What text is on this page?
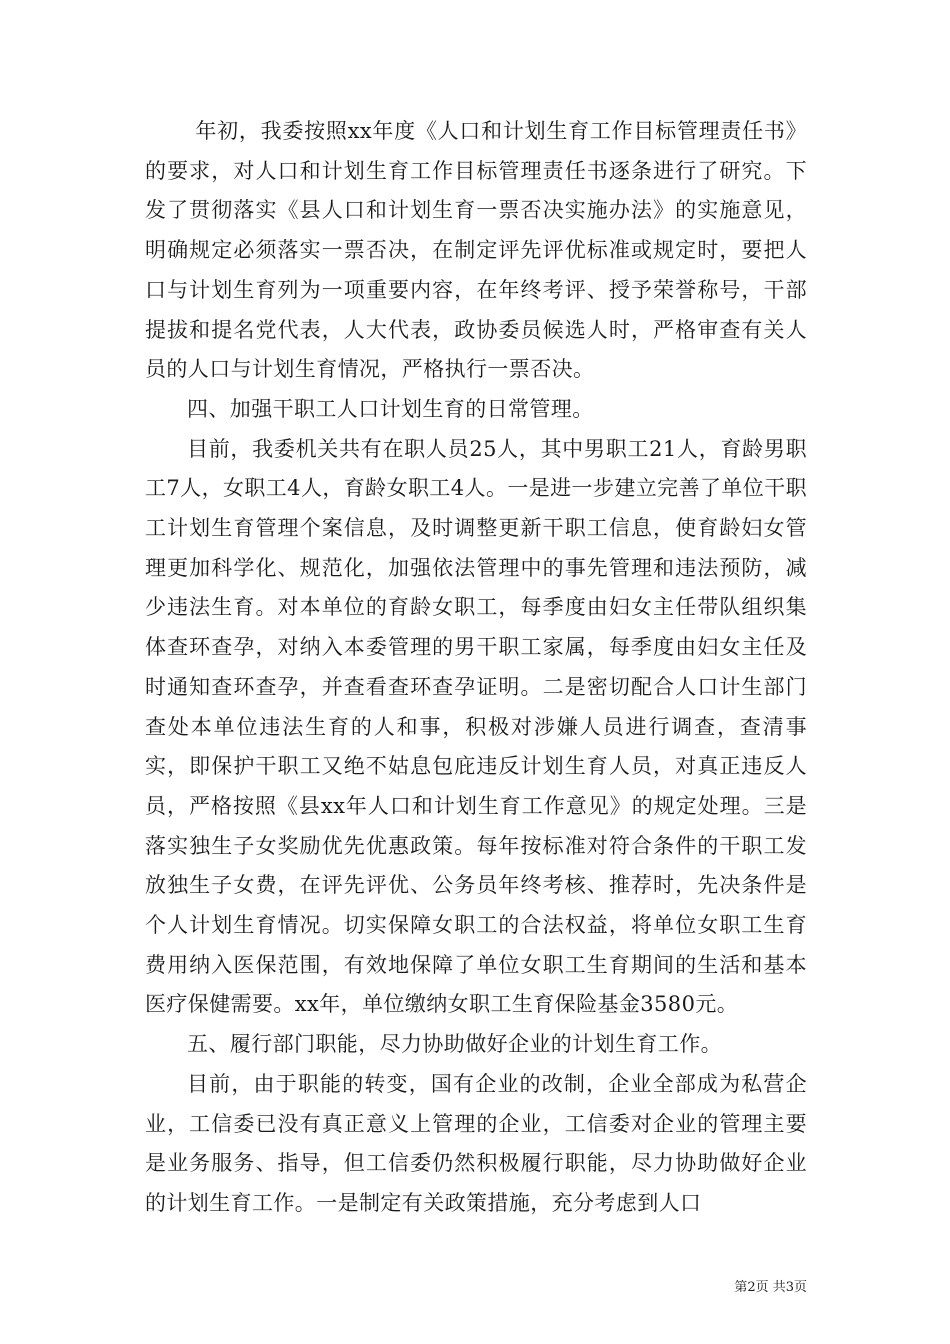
年初，我委按照xx年度《人口和计划生育工作目标管理责任书》的要求，对人口和计划生育工作目标管理责任书逐条进行了研究。下发了贯彻落实《县人口和计划生育一票否决实施办法》的实施意见，明确规定必须落实一票否决，在制定评先评优标准或规定时，要把人口与计划生育列为一项重要内容，在年终考评、授予荣誉称号，干部提拔和提名党代表，人大代表，政协委员候选人时，严格审查有关人员的人口与计划生育情况，严格执行一票否决。

四、加强干职工人口计划生育的日常管理。

目前，我委机关共有在职人员25人，其中男职工21人，育龄男职工7人，女职工4人，育龄女职工4人。一是进一步建立完善了单位干职工计划生育管理个案信息，及时调整更新干职工信息，使育龄妇女管理更加科学化、规范化，加强依法管理中的事先管理和违法预防，减少违法生育。对本单位的育龄女职工，每季度由妇女主任带队组织集体查环查孕，对纳入本委管理的男干职工家属，每季度由妇女主任及时通知查环查孕，并查看查环查孕证明。二是密切配合人口计生部门查处本单位违法生育的人和事，积极对涉嫌人员进行调查，查清事实，即保护干职工又绝不姑息包庇违反计划生育人员，对真正违反人员，严格按照《县xx年人口和计划生育工作意见》的规定处理。三是落实独生子女奖励优先优惠政策。每年按标准对符合条件的干职工发放独生子女费，在评先评优、公务员年终考核、推荐时，先决条件是个人计划生育情况。切实保障女职工的合法权益，将单位女职工生育费用纳入医保范围，有效地保障了单位女职工生育期间的生活和基本医疗保健需要。xx年，单位缴纳女职工生育保险基金3580元。

五、履行部门职能，尽力协助做好企业的计划生育工作。

目前，由于职能的转变，国有企业的改制，企业全部成为私营企业，工信委已没有真正意义上管理的企业，工信委对企业的管理主要是业务服务、指导，但工信委仍然积极履行职能，尽力协助做好企业的计划生育工作。一是制定有关政策措施，充分考虑到人口

第2页 共3页
